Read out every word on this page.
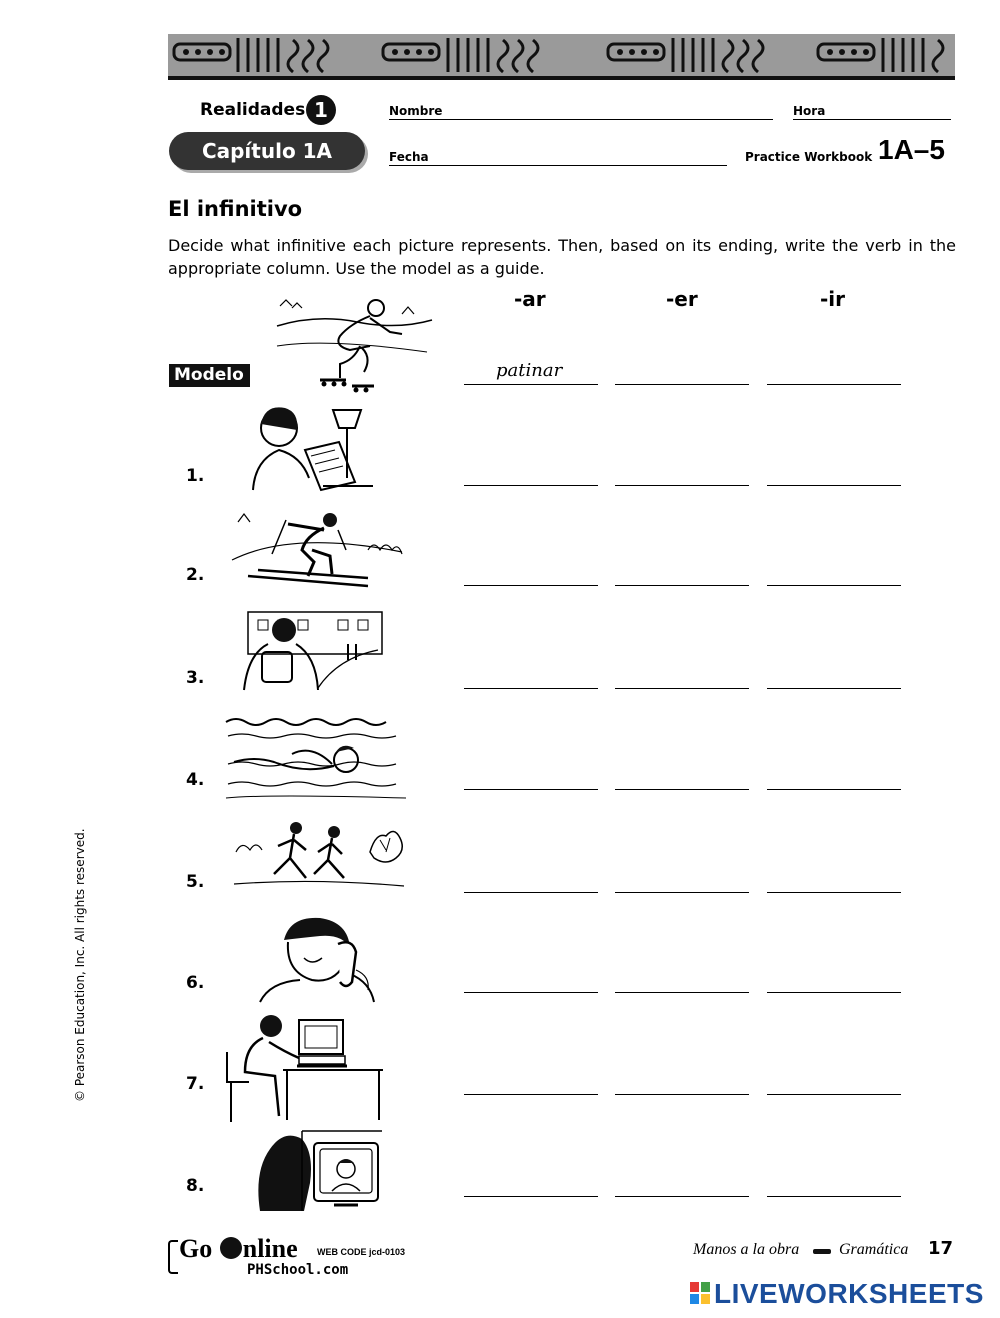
Realidades 1
Capítulo 1A
Nombre	Hora
Fecha	Practice Workbook 1A–5
El infinitivo
Decide what infinitive each picture represents. Then, based on its ending, write the verb in the appropriate column. Use the model as a guide.
-ar	-er	-ir
Modelo	patinar
1.
2.
3.
4.
5.
6.
7.
8.
© Pearson Education, Inc. All rights reserved.
Go nline WEB CODE jcd-0103
PHSchool.com
Manos a la obra Gramática 17
LIVEWORKSHEETS
